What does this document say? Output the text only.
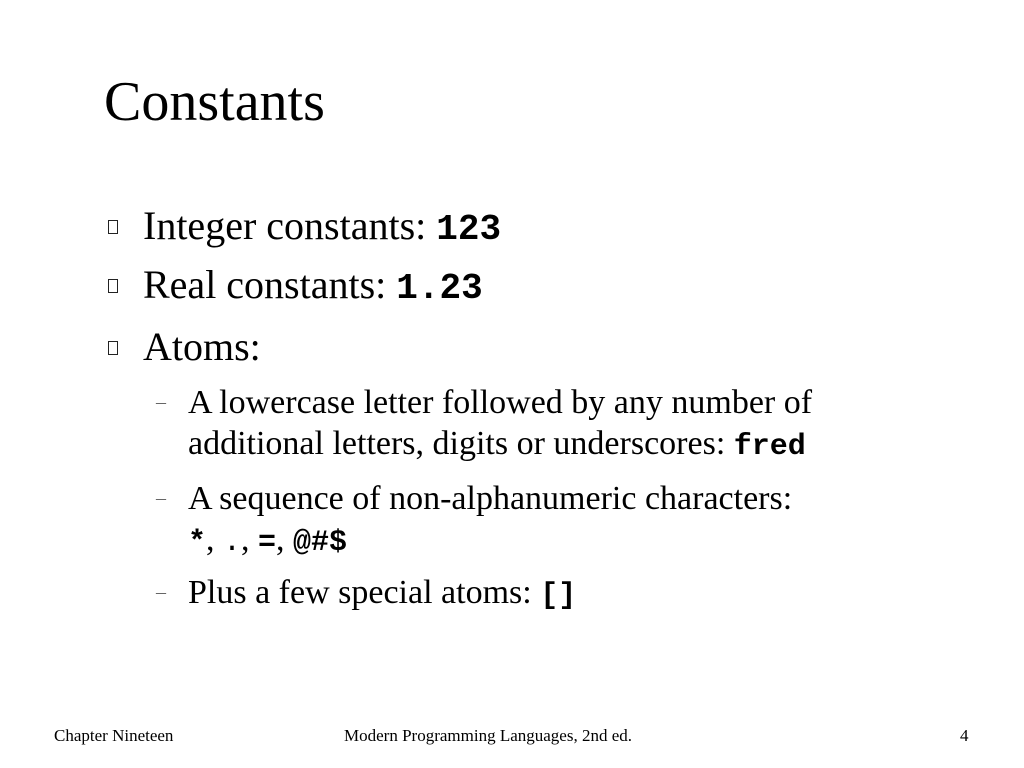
Constants
Integer constants: 123
Real constants: 1.23
Atoms:
– A lowercase letter followed by any number of additional letters, digits or underscores: fred
– A sequence of non-alphanumeric characters:
*, ., =, @#$
– Plus a few special atoms: []
Chapter Nineteen	Modern Programming Languages, 2nd ed.	4
